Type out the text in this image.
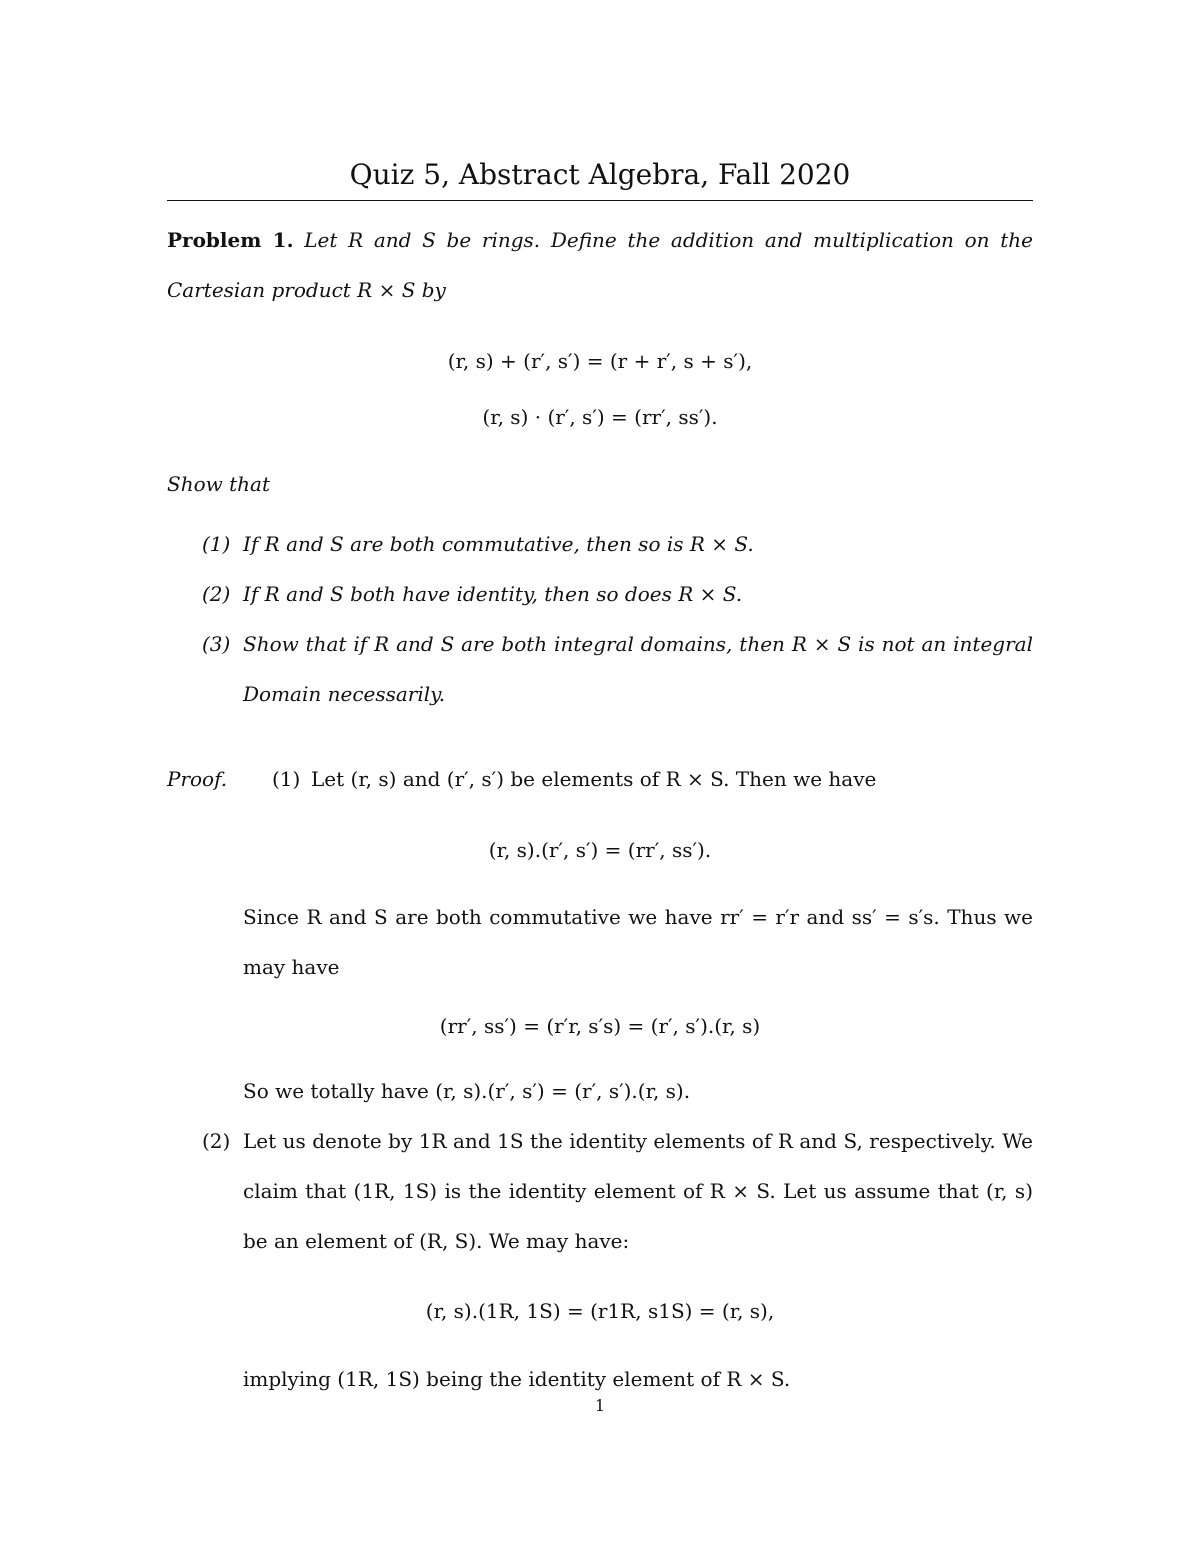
Quiz 5, Abstract Algebra, Fall 2020
Problem 1. Let R and S be rings. Define the addition and multiplication on the
Cartesian product R × S by
(r, s) + (r′, s′) = (r + r′, s + s′),
(r, s) · (r′, s′) = (rr′, ss′).
Show that
(1) If R and S are both commutative, then so is R × S.
(2) If R and S both have identity, then so does R × S.
(3) Show that if R and S are both integral domains, then R × S is not an integral
Domain necessarily.
Proof. (1) Let (r, s) and (r′, s′) be elements of R × S. Then we have
(r, s).(r′, s′) = (rr′, ss′).
Since R and S are both commutative we have rr′ = r′r and ss′ = s′s. Thus we
may have
(rr′, ss′) = (r′r, s′s) = (r′, s′).(r, s)
So we totally have (r, s).(r′, s′) = (r′, s′).(r, s).
(2) Let us denote by 1R and 1S the identity elements of R and S, respectively. We
claim that (1R, 1S) is the identity element of R × S. Let us assume that (r, s)
be an element of (R, S). We may have:
(r, s).(1R, 1S) = (r1R, s1S) = (r, s),
implying (1R, 1S) being the identity element of R × S.
1
